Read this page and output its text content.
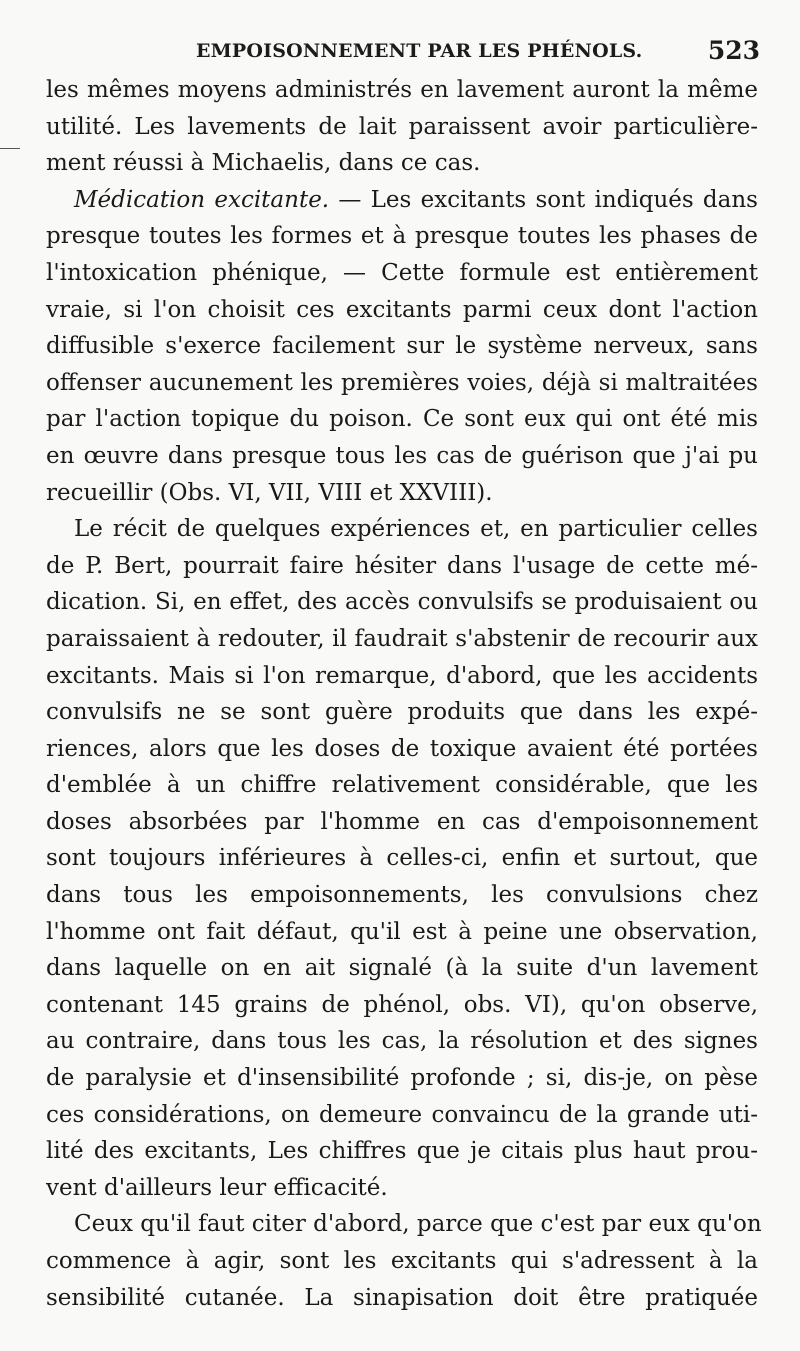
EMPOISONNEMENT PAR LES PHÉNOLS.	523

les mêmes moyens administrés en lavement auront la même
utilité. Les lavements de lait paraissent avoir particulière-
ment réussi à Michaelis, dans ce cas.

Médication excitante. — Les excitants sont indiqués dans
presque toutes les formes et à presque toutes les phases de
l'intoxication phénique, — Cette formule est entièrement
vraie, si l'on choisit ces excitants parmi ceux dont l'action
diffusible s'exerce facilement sur le système nerveux, sans
offenser aucunement les premières voies, déjà si maltraitées
par l'action topique du poison. Ce sont eux qui ont été mis
en œuvre dans presque tous les cas de guérison que j'ai pu
recueillir (Obs. VI, VII, VIII et XXVIII).

Le récit de quelques expériences et, en particulier celles
de P. Bert, pourrait faire hésiter dans l'usage de cette mé-
dication. Si, en effet, des accès convulsifs se produisaient ou
paraissaient à redouter, il faudrait s'abstenir de recourir aux
excitants. Mais si l'on remarque, d'abord, que les accidents
convulsifs ne se sont guère produits que dans les expé-
riences, alors que les doses de toxique avaient été portées
d'emblée à un chiffre relativement considérable, que les
doses absorbées par l'homme en cas d'empoisonnement
sont toujours inférieures à celles-ci, enfin et surtout, que
dans tous les empoisonnements, les convulsions chez
l'homme ont fait défaut, qu'il est à peine une observation,
dans laquelle on en ait signalé (à la suite d'un lavement
contenant 145 grains de phénol, obs. VI), qu'on observe,
au contraire, dans tous les cas, la résolution et des signes
de paralysie et d'insensibilité profonde ; si, dis-je, on pèse
ces considérations, on demeure convaincu de la grande uti-
lité des excitants, Les chiffres que je citais plus haut prou-
vent d'ailleurs leur efficacité.

Ceux qu'il faut citer d'abord, parce que c'est par eux qu'on
commence à agir, sont les excitants qui s'adressent à la
sensibilité cutanée. La sinapisation doit être pratiquée
